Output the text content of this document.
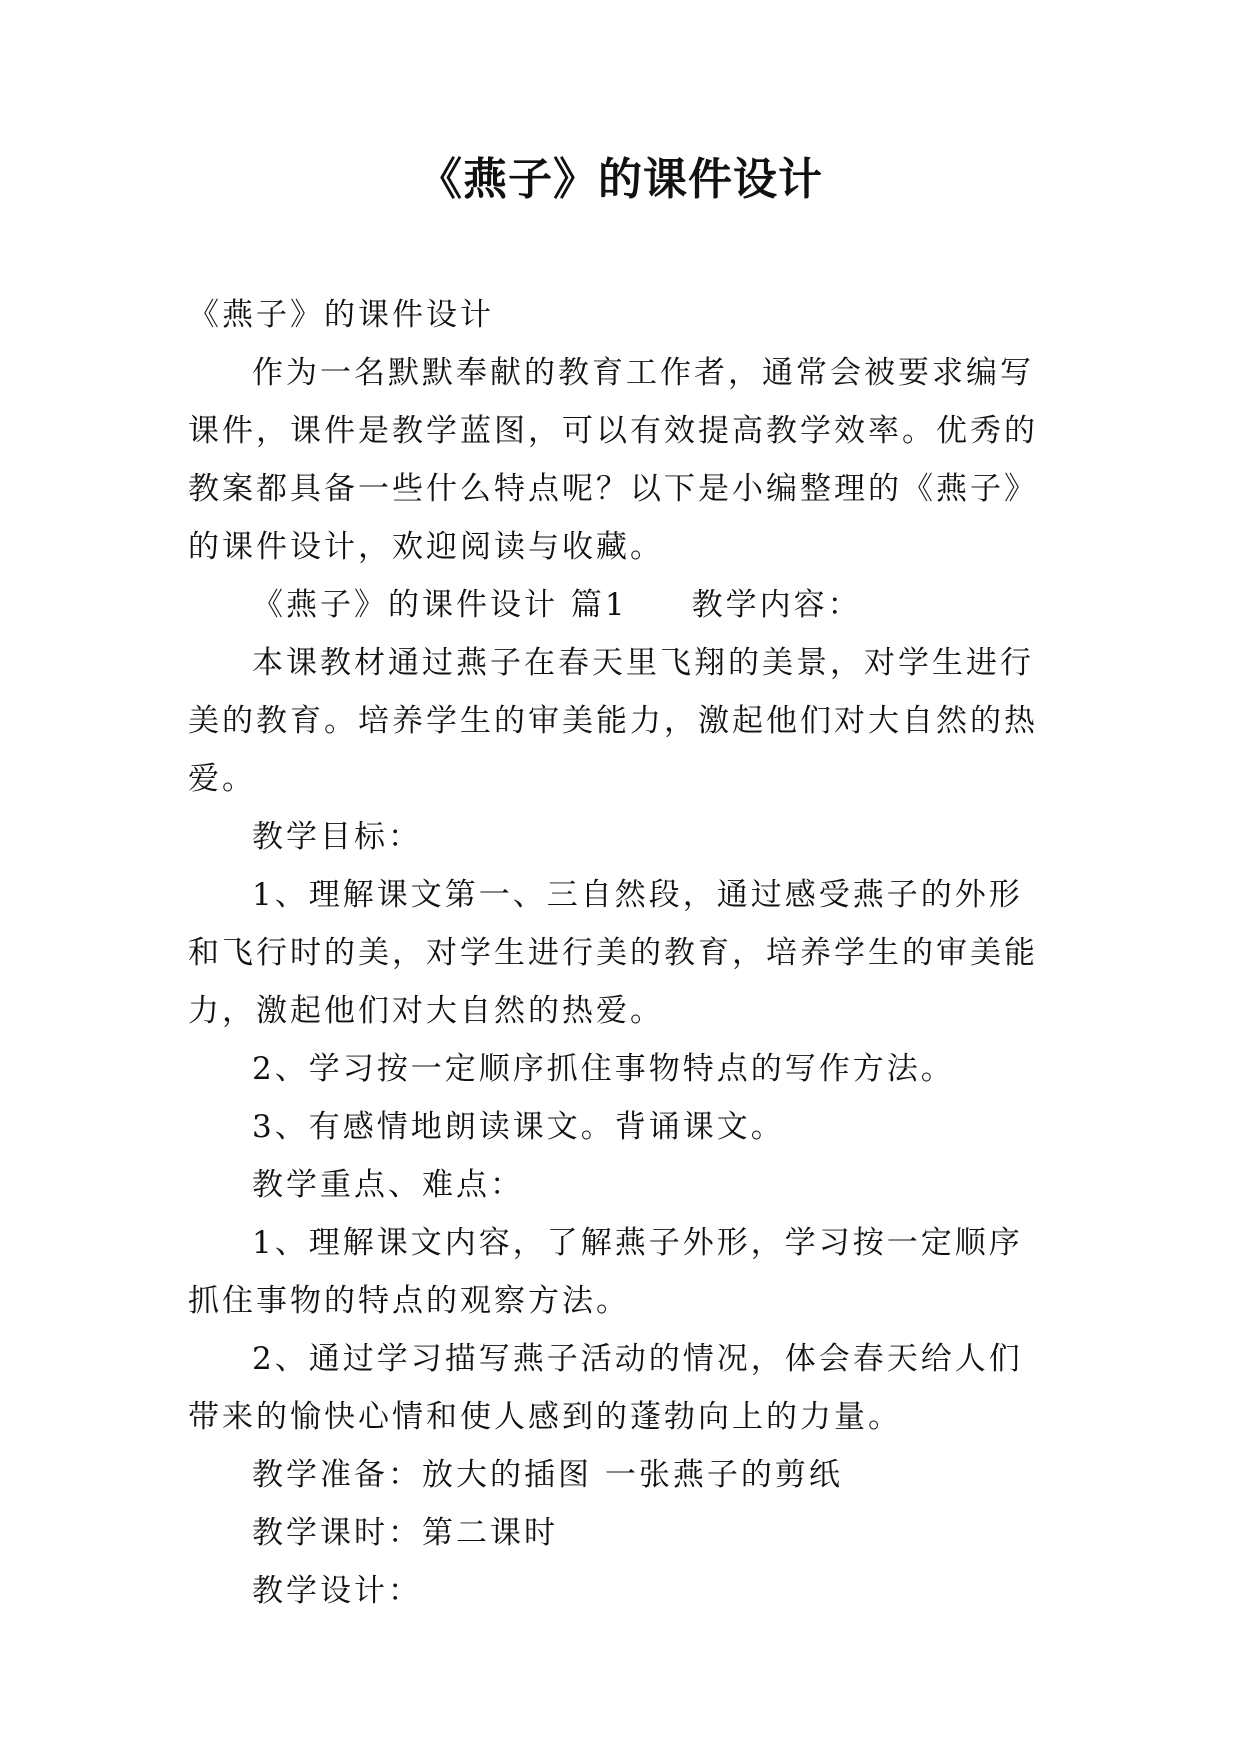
《燕子》的课件设计

《燕子》的课件设计

作为一名默默奉献的教育工作者，通常会被要求编写课件，课件是教学蓝图，可以有效提高教学效率。优秀的教案都具备一些什么特点呢？以下是小编整理的《燕子》的课件设计，欢迎阅读与收藏。

《燕子》的课件设计 篇1 教学内容：

本课教材通过燕子在春天里飞翔的美景，对学生进行美的教育。培养学生的审美能力，激起他们对大自然的热爱。

教学目标：

1、理解课文第一、三自然段，通过感受燕子的外形和飞行时的美，对学生进行美的教育，培养学生的审美能力，激起他们对大自然的热爱。

2、学习按一定顺序抓住事物特点的写作方法。

3、有感情地朗读课文。背诵课文。

教学重点、难点：

1、理解课文内容，了解燕子外形，学习按一定顺序抓住事物的特点的观察方法。

2、通过学习描写燕子活动的情况，体会春天给人们带来的愉快心情和使人感到的蓬勃向上的力量。

教学准备：放大的插图 一张燕子的剪纸

教学课时：第二课时

教学设计：
